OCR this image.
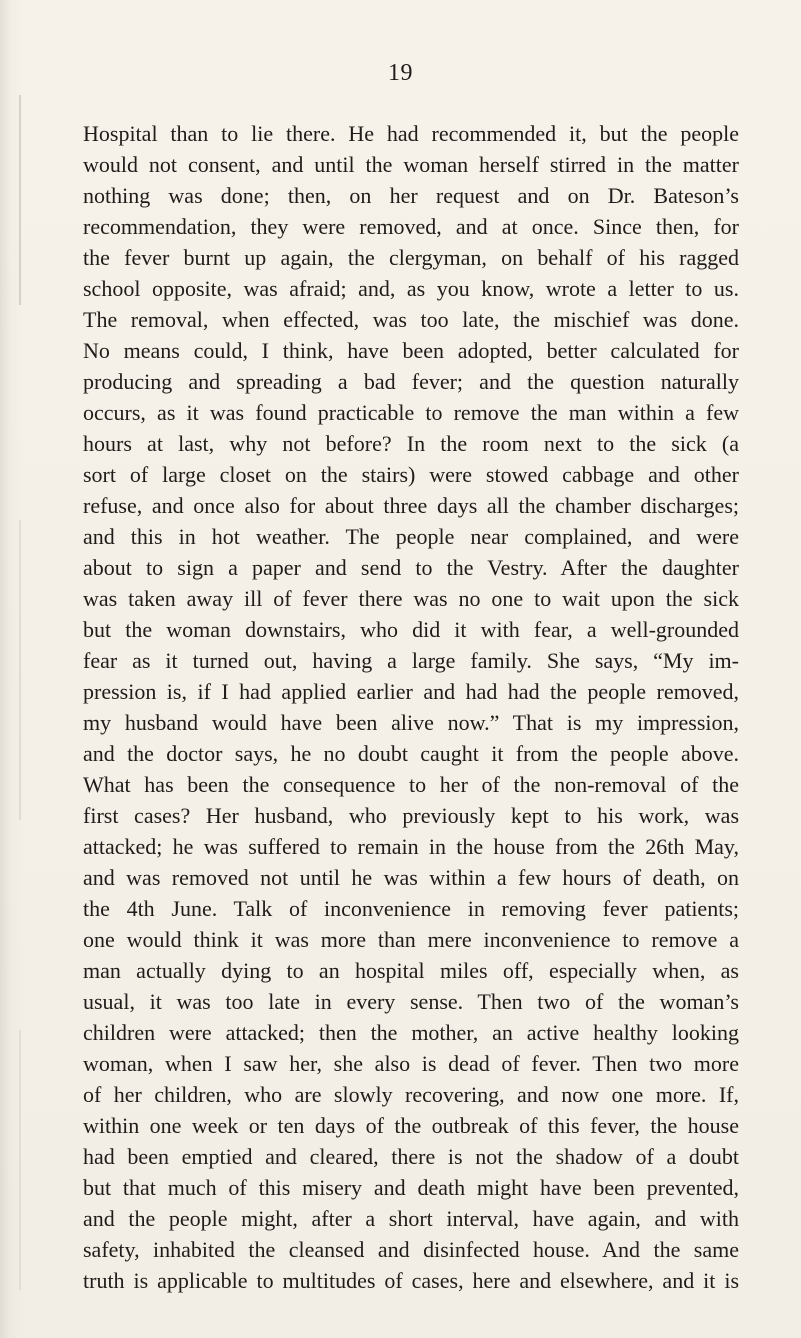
19
Hospital than to lie there. He had recommended it, but the people
would not consent, and until the woman herself stirred in the matter
nothing was done; then, on her request and on Dr. Bateson’s
recommendation, they were removed, and at once. Since then, for
the fever burnt up again, the clergyman, on behalf of his ragged
school opposite, was afraid; and, as you know, wrote a letter to us.
The removal, when effected, was too late, the mischief was done.
No means could, I think, have been adopted, better calculated for
producing and spreading a bad fever; and the question naturally
occurs, as it was found practicable to remove the man within a few
hours at last, why not before? In the room next to the sick (a
sort of large closet on the stairs) were stowed cabbage and other
refuse, and once also for about three days all the chamber discharges;
and this in hot weather. The people near complained, and were
about to sign a paper and send to the Vestry. After the daughter
was taken away ill of fever there was no one to wait upon the sick
but the woman downstairs, who did it with fear, a well-grounded
fear as it turned out, having a large family. She says, “My im-
pression is, if I had applied earlier and had had the people removed,
my husband would have been alive now.” That is my impression,
and the doctor says, he no doubt caught it from the people above.
What has been the consequence to her of the non-removal of the
first cases? Her husband, who previously kept to his work, was
attacked; he was suffered to remain in the house from the 26th May,
and was removed not until he was within a few hours of death, on
the 4th June. Talk of inconvenience in removing fever patients;
one would think it was more than mere inconvenience to remove a
man actually dying to an hospital miles off, especially when, as
usual, it was too late in every sense. Then two of the woman’s
children were attacked; then the mother, an active healthy looking
woman, when I saw her, she also is dead of fever. Then two more
of her children, who are slowly recovering, and now one more. If,
within one week or ten days of the outbreak of this fever, the house
had been emptied and cleared, there is not the shadow of a doubt
but that much of this misery and death might have been prevented,
and the people might, after a short interval, have again, and with
safety, inhabited the cleansed and disinfected house. And the same
truth is applicable to multitudes of cases, here and elsewhere, and it is
